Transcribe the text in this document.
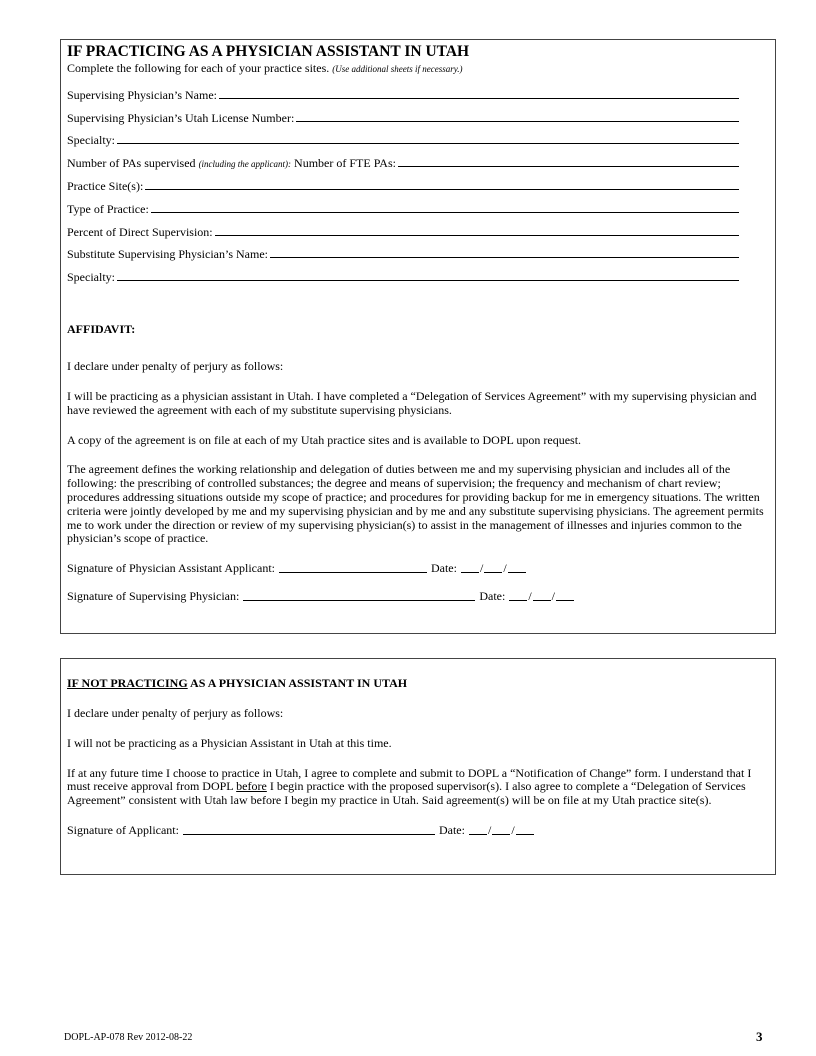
IF PRACTICING AS A PHYSICIAN ASSISTANT IN UTAH
Complete the following for each of your practice sites. (Use additional sheets if necessary.)
Supervising Physician’s Name:
Supervising Physician’s Utah License Number:
Specialty:
Number of PAs supervised (including the applicant): Number of FTE PAs:
Practice Site(s):
Type of Practice:
Percent of Direct Supervision:
Substitute Supervising Physician’s Name:
Specialty:
AFFIDAVIT:

I declare under penalty of perjury as follows:

I will be practicing as a physician assistant in Utah. I have completed a “Delegation of Services Agreement” with my supervising physician and have reviewed the agreement with each of my substitute supervising physicians.

A copy of the agreement is on file at each of my Utah practice sites and is available to DOPL upon request.

The agreement defines the working relationship and delegation of duties between me and my supervising physician and includes all of the following: the prescribing of controlled substances; the degree and means of supervision; the frequency and mechanism of chart review; procedures addressing situations outside my scope of practice; and procedures for providing backup for me in emergency situations. The written criteria were jointly developed by me and my supervising physician and by me and any substitute supervising physicians. The agreement permits me to work under the direction or review of my supervising physician(s) to assist in the management of illnesses and injuries common to the physician’s scope of practice.

Signature of Physician Assistant Applicant:	Date: / /
Signature of Supervising Physician:	Date: / /
IF NOT PRACTICING AS A PHYSICIAN ASSISTANT IN UTAH

I declare under penalty of perjury as follows:

I will not be practicing as a Physician Assistant in Utah at this time.

If at any future time I choose to practice in Utah, I agree to complete and submit to DOPL a “Notification of Change” form. I understand that I must receive approval from DOPL before I begin practice with the proposed supervisor(s). I also agree to complete a “Delegation of Services Agreement” consistent with Utah law before I begin my practice in Utah. Said agreement(s) will be on file at my Utah practice site(s).

Signature of Applicant:	Date: / /
DOPL-AP-078 Rev 2012-08-22	3
